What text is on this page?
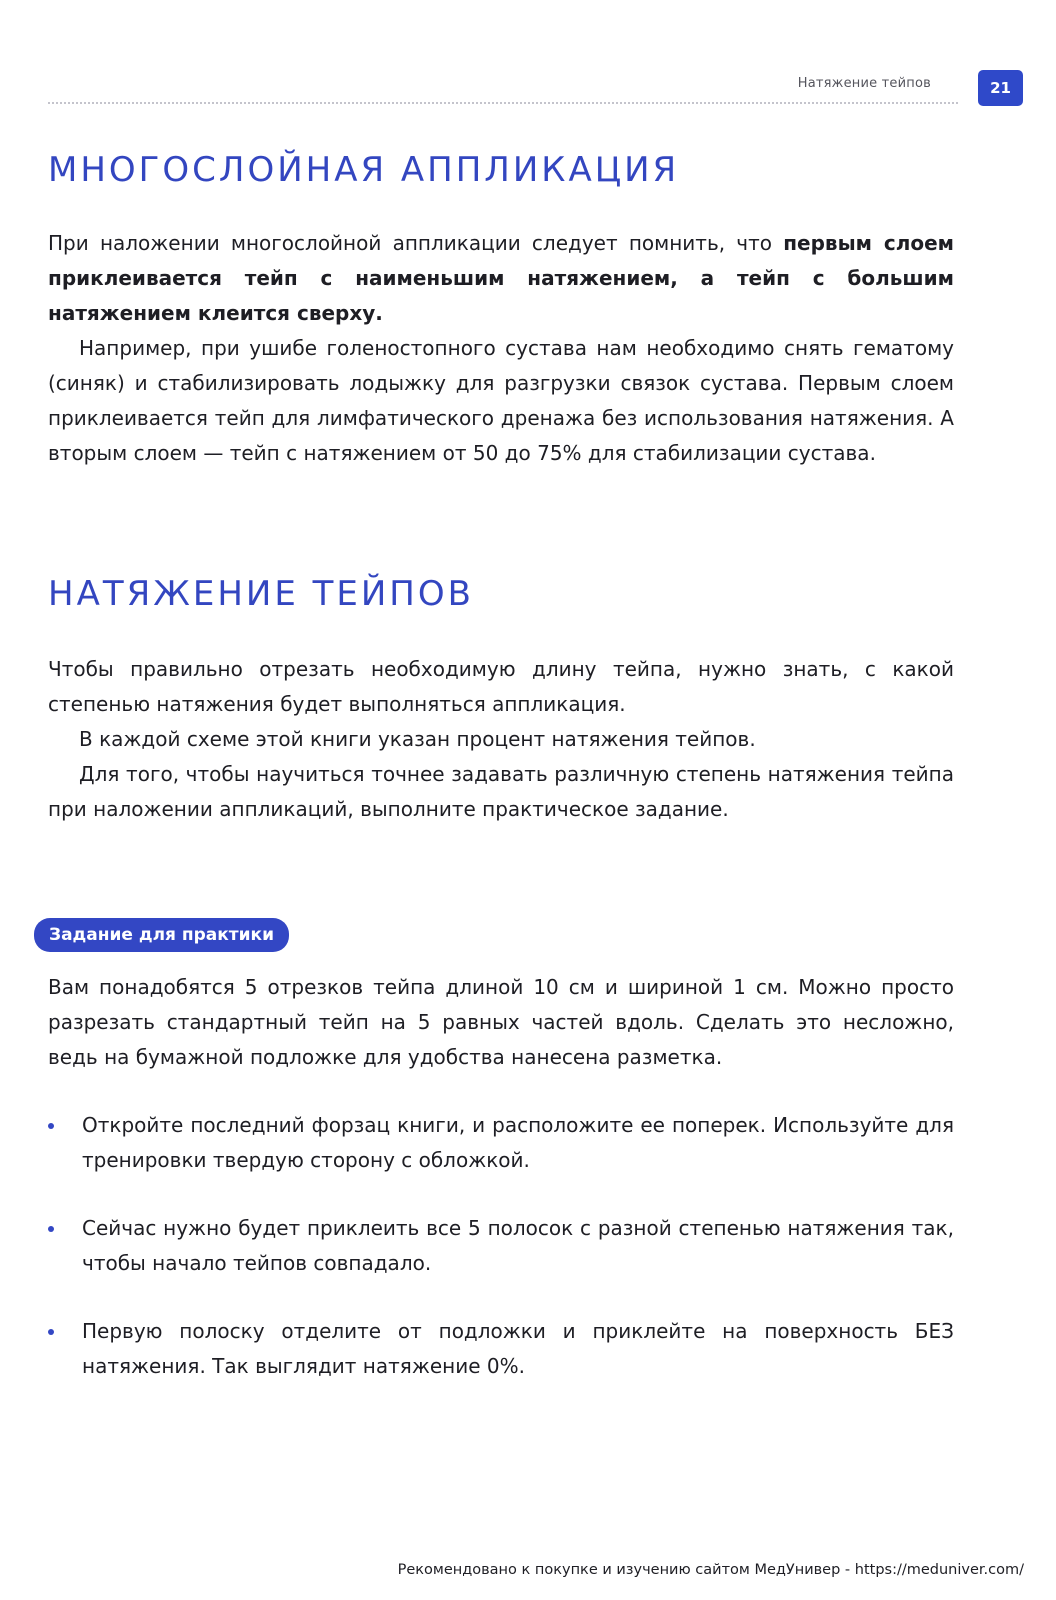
Натяжение тейпов	21
МНОГОСЛОЙНАЯ АППЛИКАЦИЯ

При наложении многослойной аппликации следует помнить, что первым слоем приклеивается тейп с наименьшим натяжением, а тейп с большим натяжением клеится сверху.

Например, при ушибе голеностопного сустава нам необходимо снять гематому (синяк) и стабилизировать лодыжку для разгрузки связок сустава. Первым слоем приклеивается тейп для лимфатического дренажа без использования натяжения. А вторым слоем — тейп с натяжением от 50 до 75% для стабилизации сустава.

НАТЯЖЕНИЕ ТЕЙПОВ

Чтобы правильно отрезать необходимую длину тейпа, нужно знать, с какой степенью натяжения будет выполняться аппликация.

В каждой схеме этой книги указан процент натяжения тейпов.

Для того, чтобы научиться точнее задавать различную степень натяжения тейпа при наложении аппликаций, выполните практическое задание.

Задание для практики

Вам понадобятся 5 отрезков тейпа длиной 10 см и шириной 1 см. Можно просто разрезать стандартный тейп на 5 равных частей вдоль. Сделать это несложно, ведь на бумажной подложке для удобства нанесена разметка.

Откройте последний форзац книги, и расположите ее поперек. Используйте для тренировки твердую сторону с обложкой.
Сейчас нужно будет приклеить все 5 полосок с разной степенью натяжения так, чтобы начало тейпов совпадало.
Первую полоску отделите от подложки и приклейте на поверхность БЕЗ натяжения. Так выглядит натяжение 0%.
Рекомендовано к покупке и изучению сайтом МедУнивер - https://meduniver.com/
